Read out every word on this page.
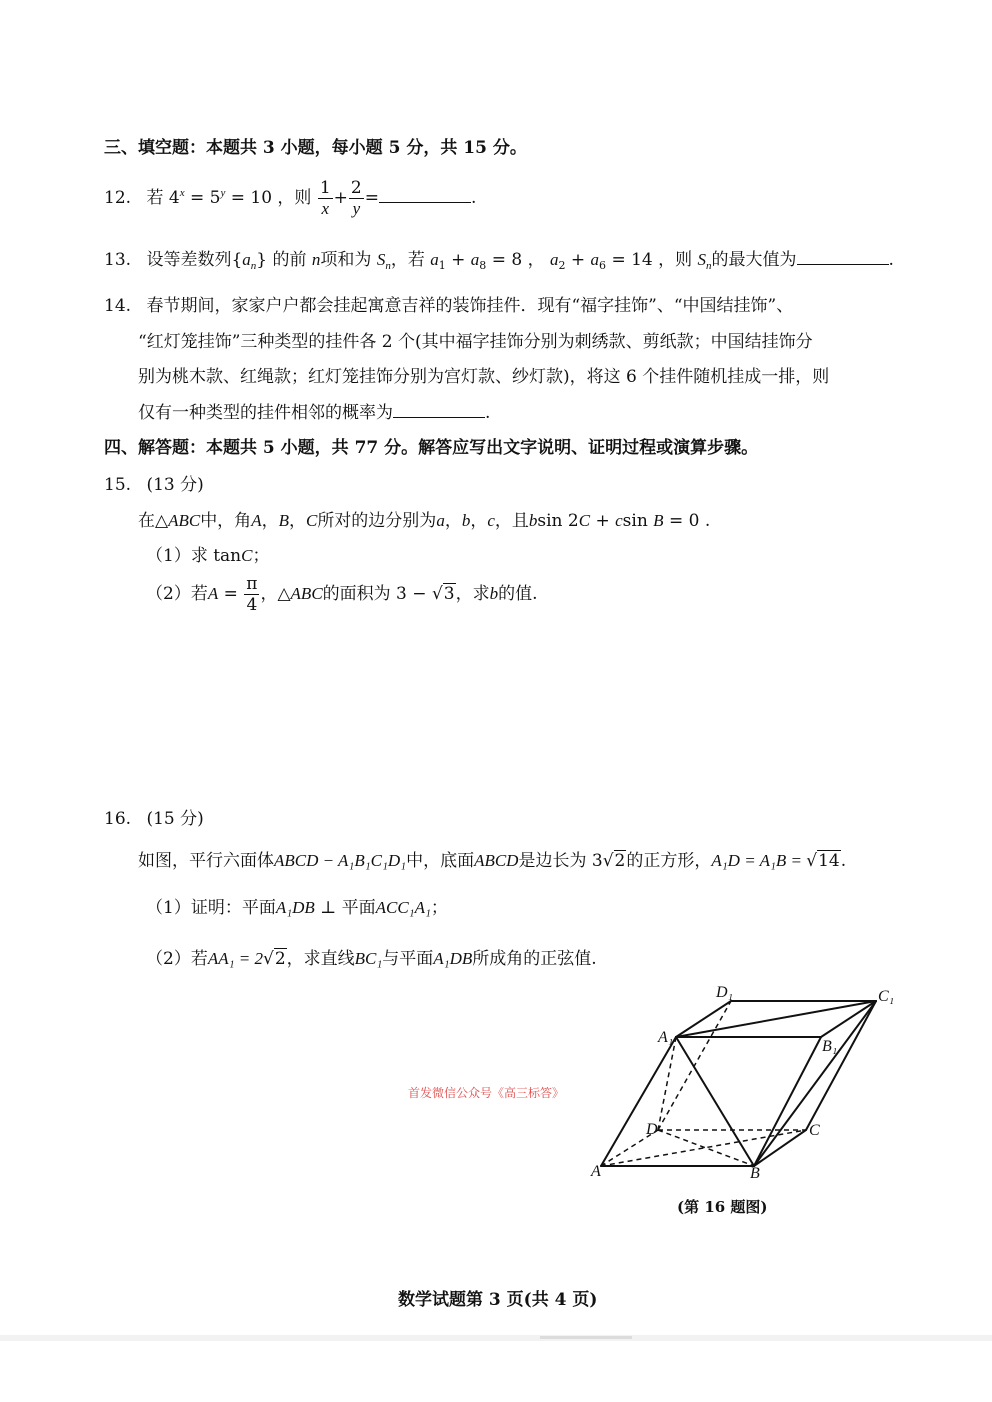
三、填空题：本题共 3 小题，每小题 5 分，共 15 分。
12. 若 $4^x = 5^y = 10$ ，则 $\frac{1}{x} + \frac{2}{y}$ =	.
13. 设等差数列$\{a_n\}$ 的前 n项和为 $S_n$，若 $a_1 + a_8 = 8$ ， $a_2 + a_6 = 14$ ，则 $S_n$的最大值为	.
14. 春节期间，家家户户都会挂起寓意吉祥的装饰挂件．现有“福字挂饰”、“中国结挂饰”、
“红灯笼挂饰”三种类型的挂件各 2 个(其中福字挂饰分别为刺绣款、剪纸款；中国结挂饰分
别为桃木款、红绳款；红灯笼挂饰分别为宫灯款、纱灯款)，将这 6 个挂件随机挂成一排，则
仅有一种类型的挂件相邻的概率为	.
四、解答题：本题共 5 小题，共 77 分。解答应写出文字说明、证明过程或演算步骤。
15. (13 分)
在△ABC中，角A，B，C所对的边分别为a，b，c，且bsin 2C + csin B = 0 .
（1）求 tanC；
（2）若$A = \frac{\pi}{4}$ ，△ABC的面积为 3 − √3，求b的值.
16. (15 分)
如图，平行六面体ABCD − A₁B₁C₁D₁中，底面ABCD是边长为 3√2的正方形，A₁D = A₁B = √14.
（1）证明：平面A₁DB ⊥ 平面ACC₁A₁；
（2）若AA₁ = 2√2，求直线BC₁与平面A₁DB所成角的正弦值.
首发微信公众号《高三标答》
D₁	C₁
A₁
B₁
D	C
A	B
(第 16 题图)
数学试题第 3 页(共 4 页)
